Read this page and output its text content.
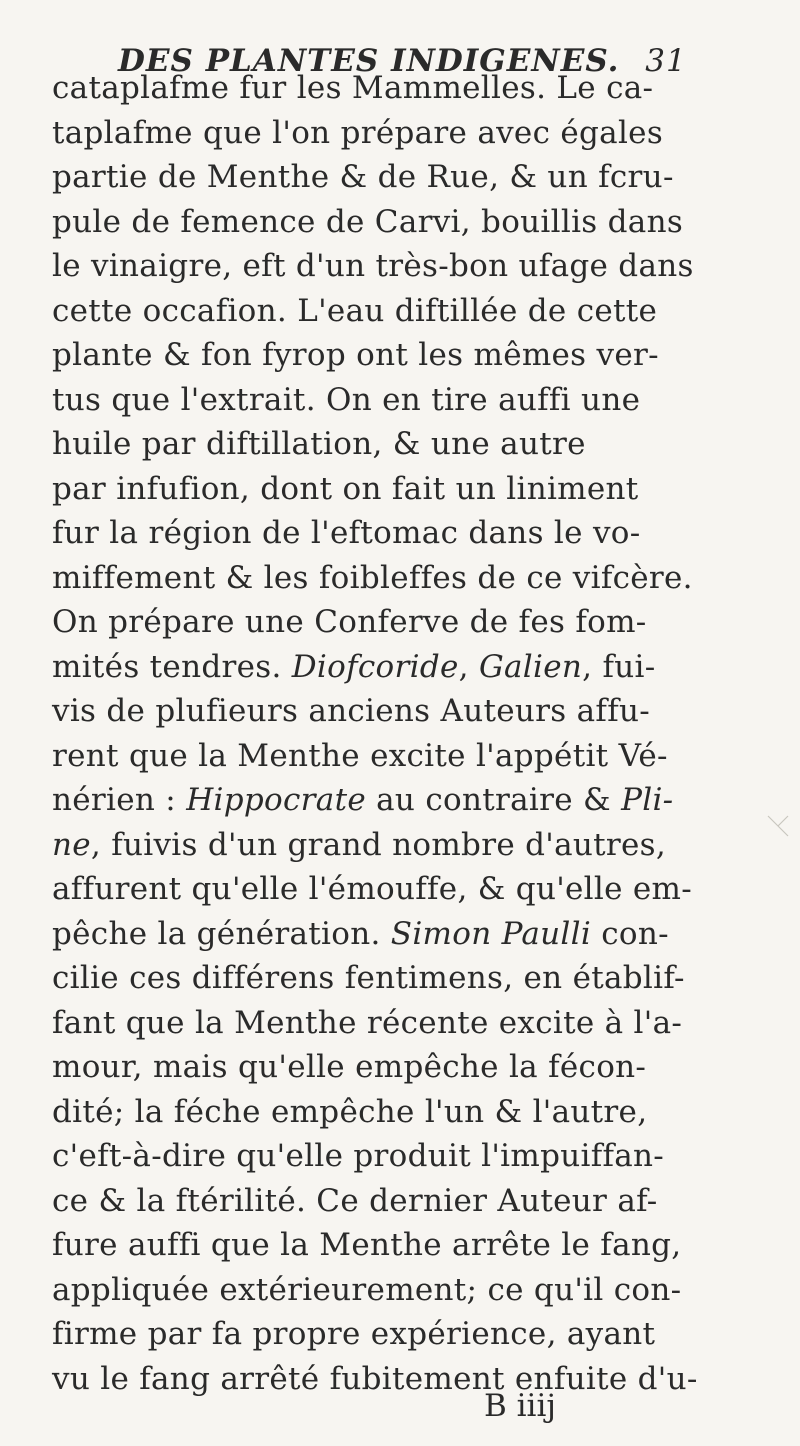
DES PLANTES INDIGENES. 31
cataplafme fur les Mammelles. Le ca-
taplafme que l'on prépare avec égales
partie de Menthe & de Rue, & un fcru-
pule de femence de Carvi, bouillis dans
le vinaigre, eft d'un très-bon ufage dans
cette occafion. L'eau diftillée de cette
plante & fon fyrop ont les mêmes ver-
tus que l'extrait. On en tire auffi une
huile par diftillation, & une autre
par infufion, dont on fait un liniment
fur la région de l'eftomac dans le vo-
miffement & les foibleffes de ce vifcère.
On prépare une Conferve de fes fom-
mités tendres. Diofcoride, Galien, fui-
vis de plufieurs anciens Auteurs affu-
rent que la Menthe excite l'appétit Vé-
nérien : Hippocrate au contraire & Pli-
ne, fuivis d'un grand nombre d'autres,
affurent qu'elle l'émouffe, & qu'elle em-
pêche la génération. Simon Paulli con-
cilie ces différens fentimens, en établif-
fant que la Menthe récente excite à l'a-
mour, mais qu'elle empêche la fécon-
dité; la féche empêche l'un & l'autre,
c'eft-à-dire qu'elle produit l'impuiffan-
ce & la ftérilité. Ce dernier Auteur af-
fure auffi que la Menthe arrête le fang,
appliquée extérieurement; ce qu'il con-
firme par fa propre expérience, ayant
vu le fang arrêté fubitement enfuite d'u-
B iiij
